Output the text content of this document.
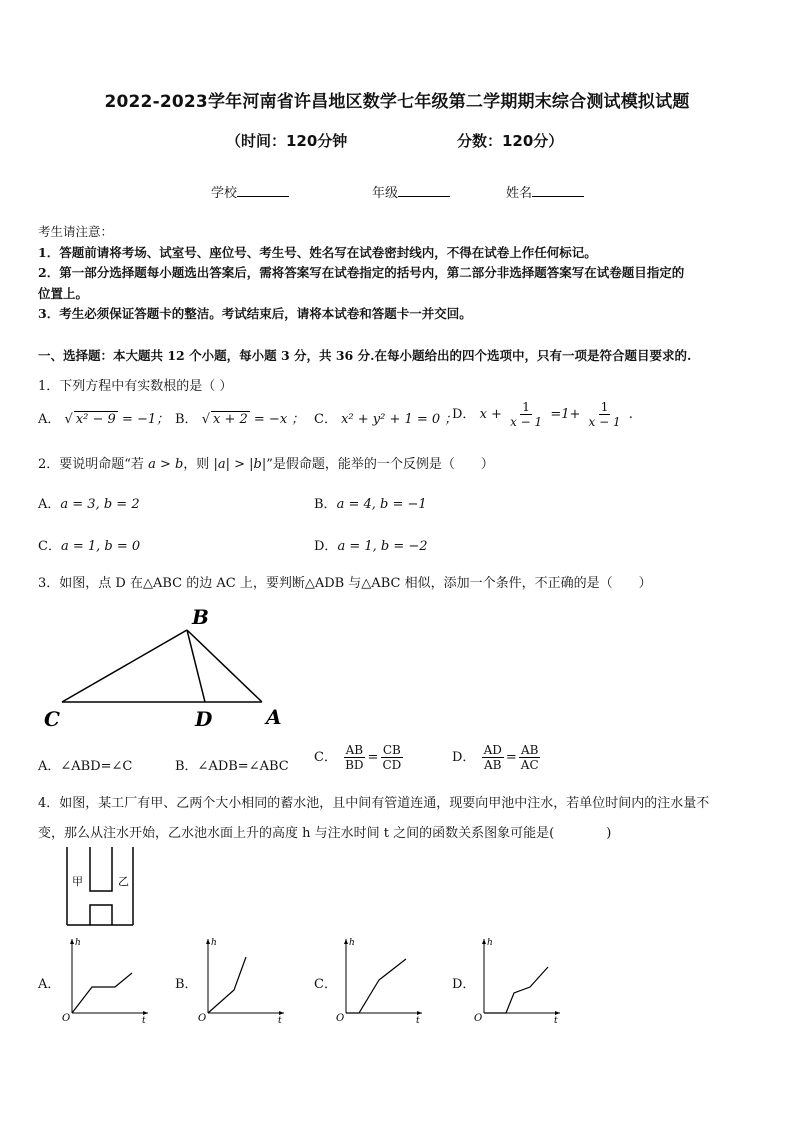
2022-2023学年河南省许昌地区数学七年级第二学期期末综合测试模拟试题
（时间：120分钟	分数：120分）
学校	年级	姓名
考生请注意：
1．答题前请将考场、试室号、座位号、考生号、姓名写在试卷密封线内，不得在试卷上作任何标记。
2．第一部分选择题每小题选出答案后，需将答案写在试卷指定的括号内，第二部分非选择题答案写在试卷题目指定的
位置上。
3．考生必须保证答题卡的整洁。考试结束后，请将本试卷和答题卡一并交回。
一、选择题：本大题共 12 个小题，每小题 3 分，共 36 分.在每小题给出的四个选项中，只有一项是符合题目要求的.
1．下列方程中有实数根的是（ ）
A． √ x² − 9 = −1； B． √ x + 2 = −x ； C． x² + y² + 1 = 0 ；
D． $x + \frac{1}{x - 1} =1+ \frac{1}{x - 1}$ .
2．要说明命题“若 a > b，则 |a| > |b|”是假命题，能举的一个反例是（　　）
A．a = 3, b = 2	B．a = 4, b = −1
C．a = 1, b = 0	D．a = 1, b = −2
3．如图，点 D 在△ABC 的边 AC 上，要判断△ADB 与△ABC 相似，添加一个条件，不正确的是（　　）
B
C	D	A
A．∠ABD=∠C	B．∠ADB=∠ABC
C． $\frac{AB}{BD} = \frac{CB}{CD}$	D． $\frac{AD}{AB} = \frac{AB}{AC}$
4．如图，某工厂有甲、乙两个大小相同的蓄水池，且中间有管道连通，现要向甲池中注水，若单位时间内的注水量不
变，那么从注水开始，乙水池水面上升的高度 h 与注水时间 t 之间的函数关系图象可能是(　　　　)
甲	乙
A．
h
t
O
B．
h
t
O
C．
h
t
O
D．
h
t
O
